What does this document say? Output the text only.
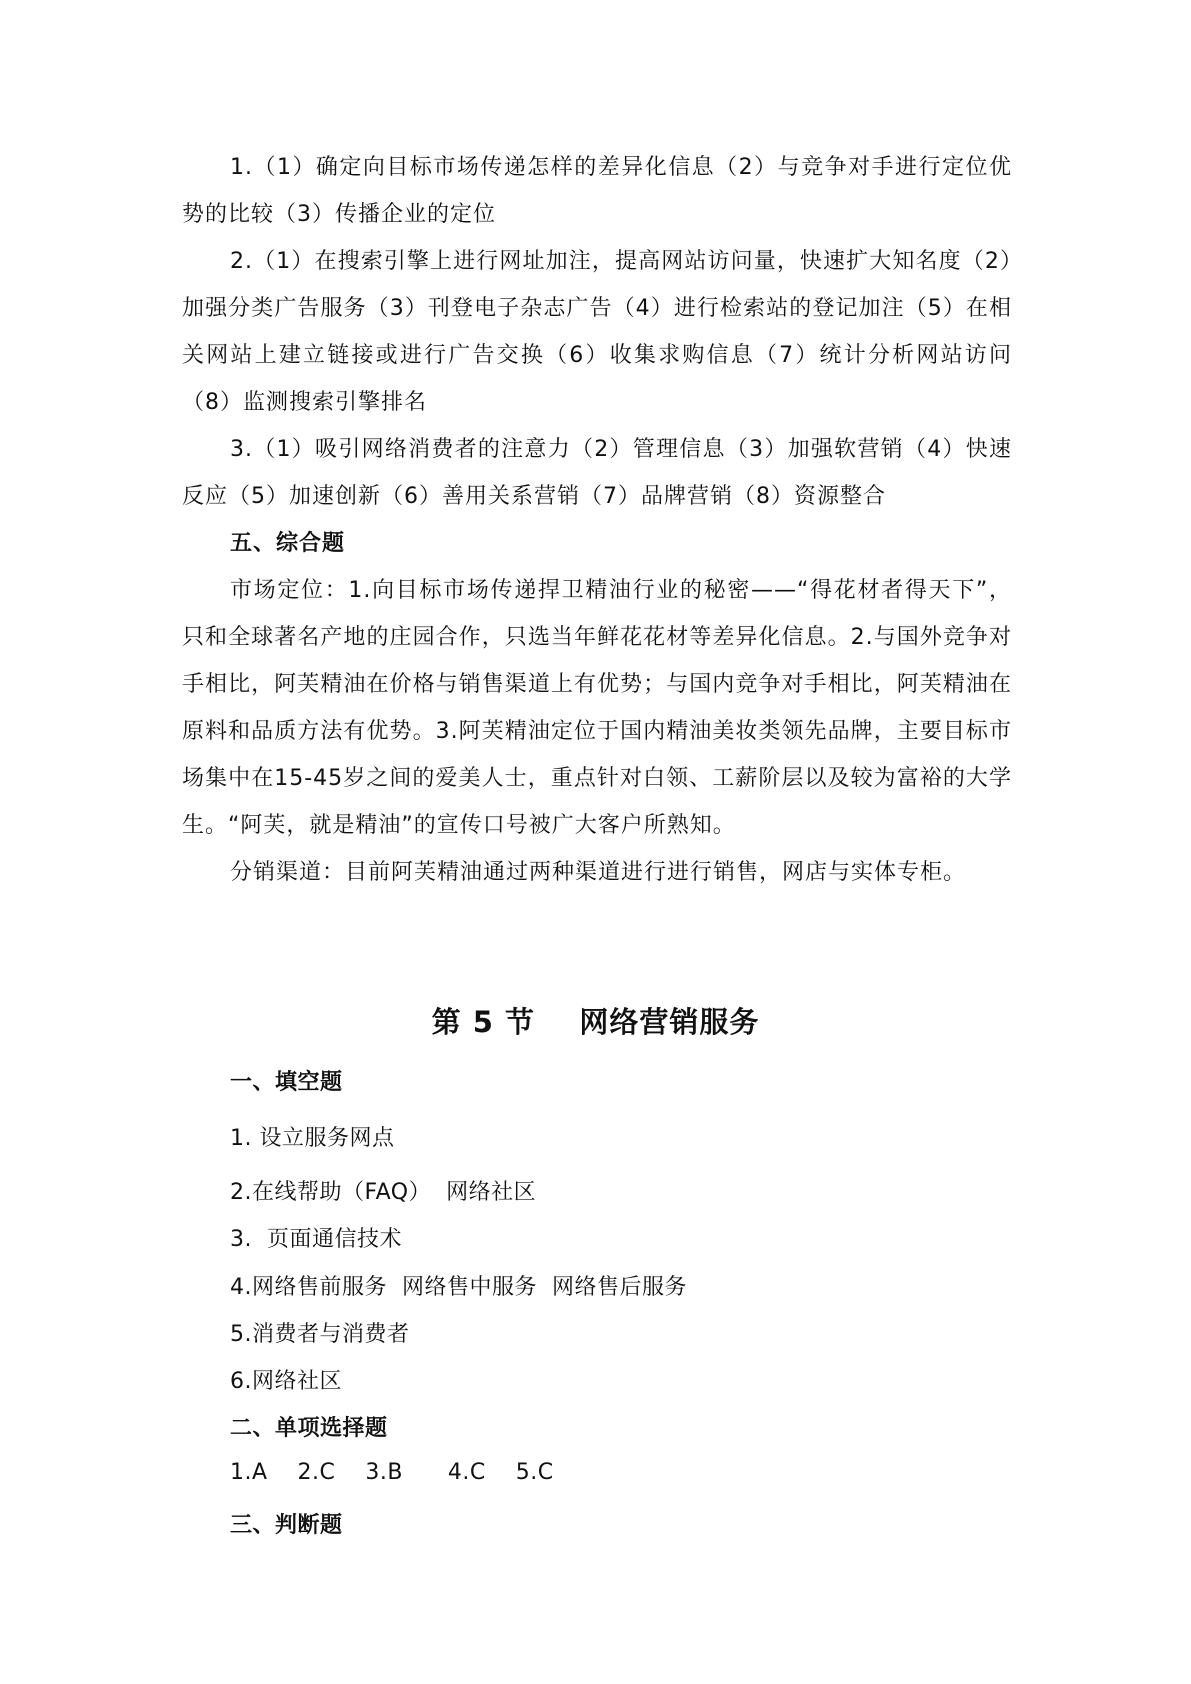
1.（1）确定向目标市场传递怎样的差异化信息（2）与竞争对手进行定位优势的比较（3）传播企业的定位

2.（1）在搜索引擎上进行网址加注，提高网站访问量，快速扩大知名度（2）加强分类广告服务（3）刊登电子杂志广告（4）进行检索站的登记加注（5）在相关网站上建立链接或进行广告交换（6）收集求购信息（7）统计分析网站访问（8）监测搜索引擎排名

3.（1）吸引网络消费者的注意力（2）管理信息（3）加强软营销（4）快速反应（5）加速创新（6）善用关系营销（7）品牌营销（8）资源整合

五、综合题

市场定位：1.向目标市场传递捍卫精油行业的秘密——“得花材者得天下”，只和全球著名产地的庄园合作，只选当年鲜花花材等差异化信息。2.与国外竞争对手相比，阿芙精油在价格与销售渠道上有优势；与国内竞争对手相比，阿芙精油在原料和品质方法有优势。3.阿芙精油定位于国内精油美妆类领先品牌，主要目标市场集中在15-45岁之间的爱美人士，重点针对白领、工薪阶层以及较为富裕的大学生。“阿芙，就是精油”的宣传口号被广大客户所熟知。

分销渠道：目前阿芙精油通过两种渠道进行进行销售，网店与实体专柜。

第 5 节    网络营销服务
一、填空题
1. 设立服务网点
2.在线帮助（FAQ）  网络社区
3.  页面通信技术
4.网络售前服务  网络售中服务  网络售后服务
5.消费者与消费者
6.网络社区
二、单项选择题
1.A    2.C    3.B      4.C    5.C
三、判断题
